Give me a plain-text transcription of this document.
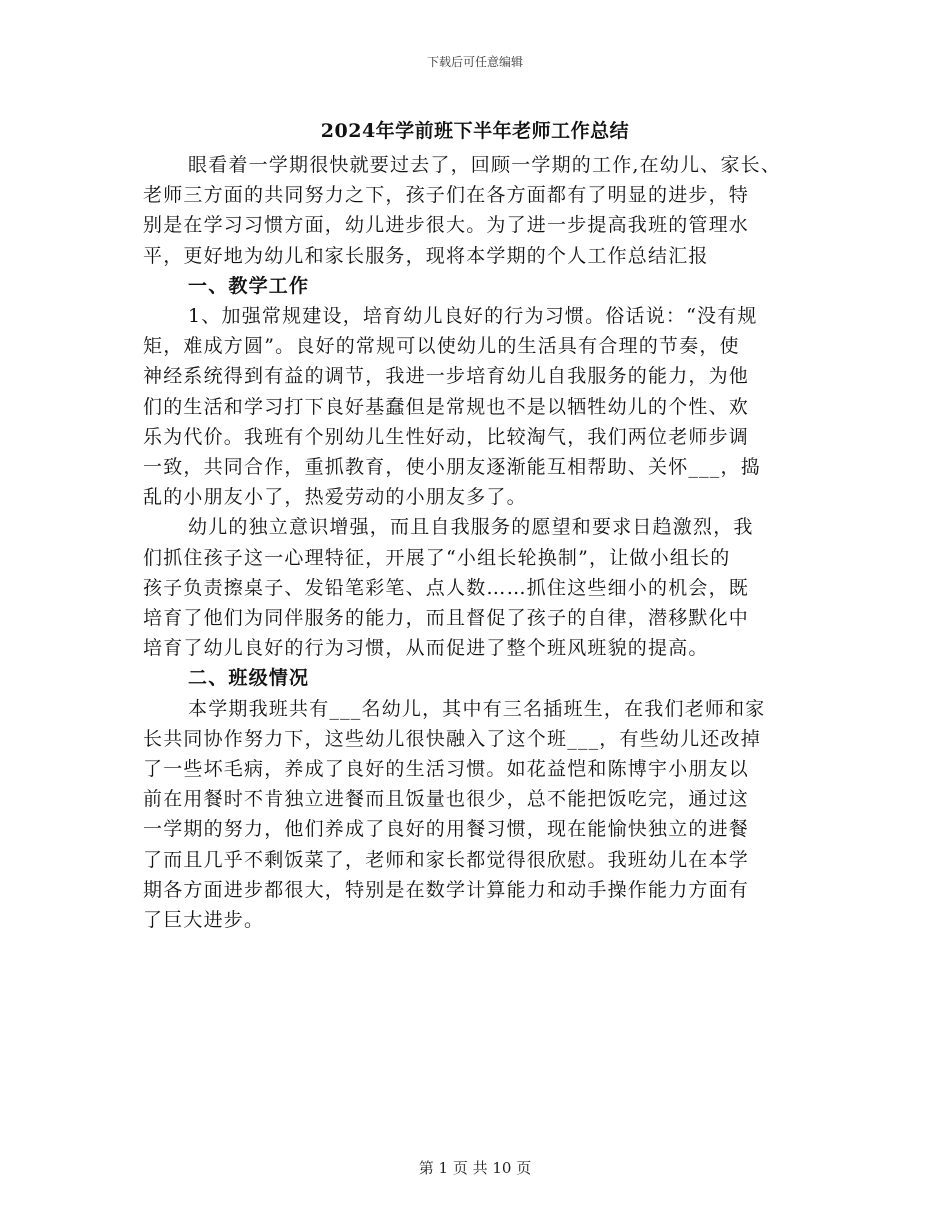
下载后可任意编辑
2024年学前班下半年老师工作总结
眼看着一学期很快就要过去了，回顾一学期的工作,在幼儿、家长、
老师三方面的共同努力之下，孩子们在各方面都有了明显的进步，特
别是在学习习惯方面，幼儿进步很大。为了进一步提高我班的管理水
平，更好地为幼儿和家长服务，现将本学期的个人工作总结汇报
一、教学工作
1、加强常规建设，培育幼儿良好的行为习惯。俗话说：“没有规
矩，难成方圆”。良好的常规可以使幼儿的生活具有合理的节奏，使
神经系统得到有益的调节，我进一步培育幼儿自我服务的能力，为他
们的生活和学习打下良好基蠢但是常规也不是以牺牲幼儿的个性、欢
乐为代价。我班有个别幼儿生性好动，比较淘气，我们两位老师步调
一致，共同合作，重抓教育，使小朋友逐渐能互相帮助、关怀___，捣
乱的小朋友小了，热爱劳动的小朋友多了。
幼儿的独立意识增强，而且自我服务的愿望和要求日趋激烈，我
们抓住孩子这一心理特征，开展了“小组长轮换制”，让做小组长的
孩子负责擦桌子、发铅笔彩笔、点人数……抓住这些细小的机会，既
培育了他们为同伴服务的能力，而且督促了孩子的自律，潜移默化中
培育了幼儿良好的行为习惯，从而促进了整个班风班貌的提高。
二、班级情况
本学期我班共有___名幼儿，其中有三名插班生，在我们老师和家
长共同协作努力下，这些幼儿很快融入了这个班___，有些幼儿还改掉
了一些坏毛病，养成了良好的生活习惯。如花益恺和陈博宇小朋友以
前在用餐时不肯独立进餐而且饭量也很少，总不能把饭吃完，通过这
一学期的努力，他们养成了良好的用餐习惯，现在能愉快独立的进餐
了而且几乎不剩饭菜了，老师和家长都觉得很欣慰。我班幼儿在本学
期各方面进步都很大，特别是在数学计算能力和动手操作能力方面有
了巨大进步。
第 1 页 共 10 页
